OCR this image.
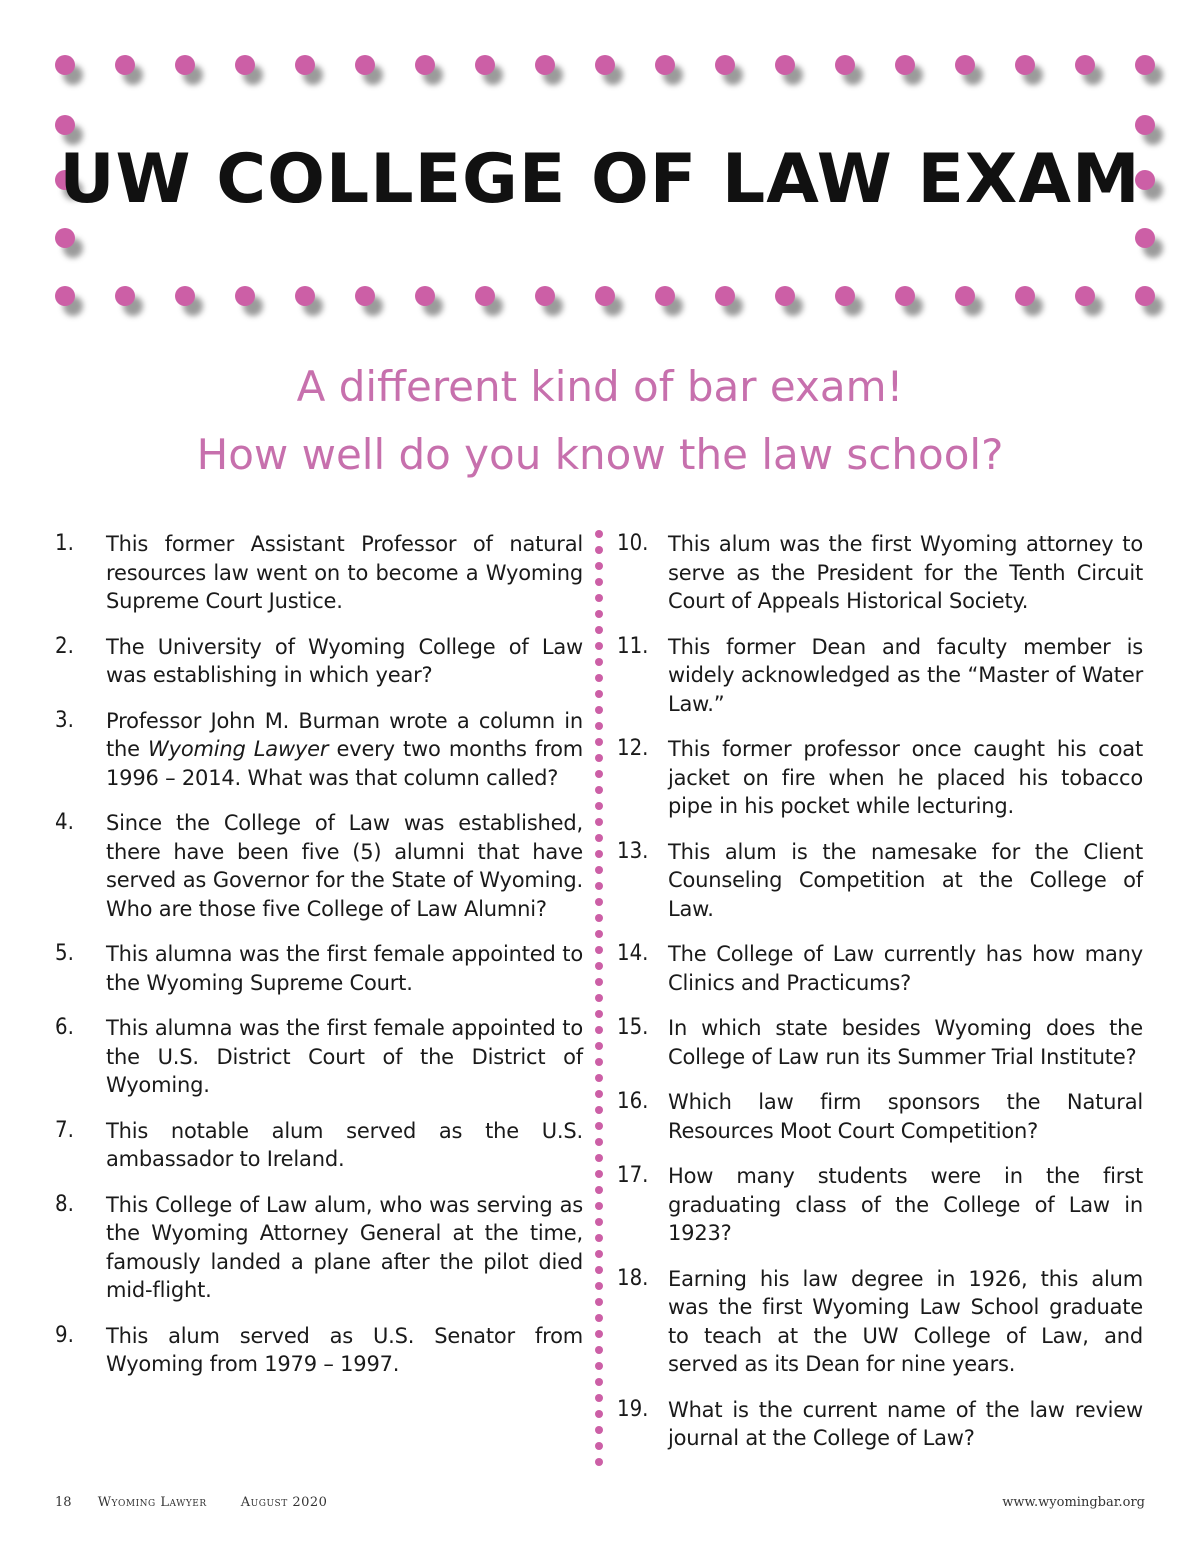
UW COLLEGE OF LAW EXAM
A different kind of bar exam!
How well do you know the law school?
1.	This former Assistant Professor of natural resources law went on to become a Wyoming Supreme Court Justice.
2.	The University of Wyoming College of Law was establishing in which year?
3.	Professor John M. Burman wrote a column in the Wyoming Lawyer every two months from 1996 – 2014. What was that column called?
4.	Since the College of Law was established, there have been five (5) alumni that have served as Governor for the State of Wyoming. Who are those five College of Law Alumni?
5.	This alumna was the first female appointed to the Wyoming Supreme Court.
6.	This alumna was the first female appointed to the U.S. District Court of the District of Wyoming.
7.	This notable alum served as the U.S. ambassador to Ireland.
8.	This College of Law alum, who was serving as the Wyoming Attorney General at the time, famously landed a plane after the pilot died mid-flight.
9.	This alum served as U.S. Senator from Wyoming from 1979 – 1997.
10. This alum was the first Wyoming attorney to serve as the President for the Tenth Circuit Court of Appeals Historical Society.
11. This former Dean and faculty member is widely acknowledged as the “Master of Water Law.”
12. This former professor once caught his coat jacket on fire when he placed his tobacco pipe in his pocket while lecturing.
13. This alum is the namesake for the Client Counseling Competition at the College of Law.
14. The College of Law currently has how many Clinics and Practicums?
15. In which state besides Wyoming does the College of Law run its Summer Trial Institute?
16. Which law firm sponsors the Natural Resources Moot Court Competition?
17. How many students were in the first graduating class of the College of Law in 1923?
18. Earning his law degree in 1926, this alum was the first Wyoming Law School graduate to teach at the UW College of Law, and served as its Dean for nine years.
19. What is the current name of the law review journal at the College of Law?
18 Wyoming Lawyer	August 2020	www.wyomingbar.org
